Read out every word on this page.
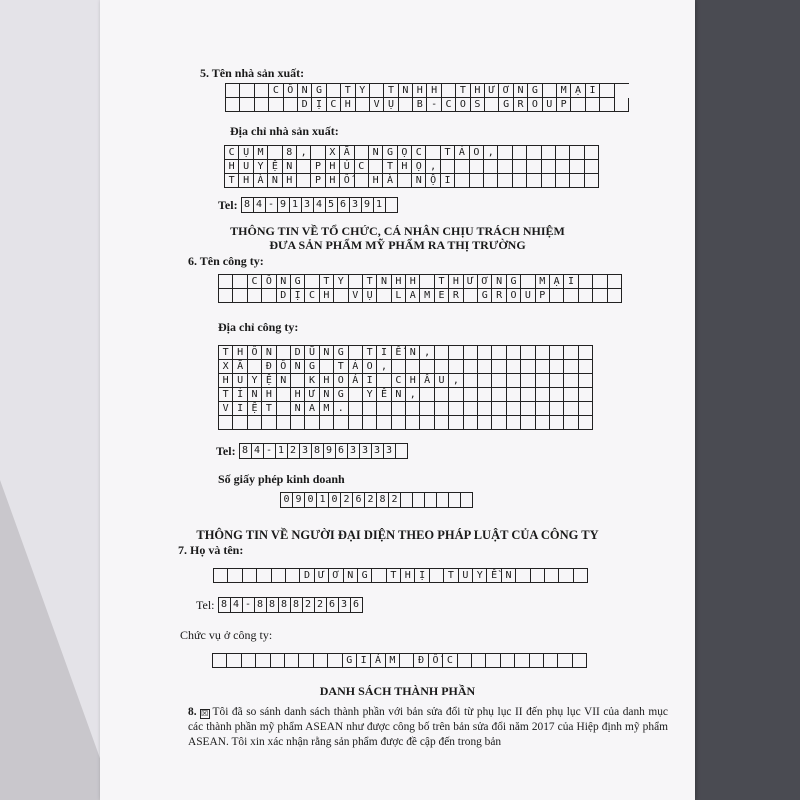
5. Tên nhà sản xuất:
C Ô N G	T Y	T N H H	T H Ư Ơ N G	M Ạ I
D Ị C H	V Ụ	B - C O S	G R O U P
Địa chỉ nhà sản xuất:
C Ụ M	8 ,	X Ã	N G Ọ C	T Ả O ,
H U Y Ệ N	P H Ú C	T H Ọ ,
T H À N H	P H Ố	H À	N Ộ I
Tel: 8 4 - 9 1 3 4 5 6 3 9 1
THÔNG TIN VỀ TỔ CHỨC, CÁ NHÂN CHỊU TRÁCH NHIỆM
ĐƯA SẢN PHẨM MỸ PHẨM RA THỊ TRƯỜNG
6. Tên công ty:
C Ô N G	T Y	T N H H	T H Ư Ơ N G	M Ạ I
D Ị C H	V Ụ	L A M E R	G R O U P
Địa chỉ công ty:
T H Ô N	D Ũ N G	T I Ế N ,
X Ã	Đ Ô N G	T Ả O ,
H U Y Ệ N	K H O Á I	C H Â U ,
T Ỉ N H	H Ư N G	Y Ê N ,
V I Ệ T	N A M .
Tel: 8 4 - 1 2 3 8 9 6 3 3 3 3
Số giấy phép kinh doanh
0 9 0 1 0 2 6 2 8 2
THÔNG TIN VỀ NGƯỜI ĐẠI DIỆN THEO PHÁP LUẬT CỦA CÔNG TY
7. Họ và tên:
D Ư Ơ N G	T H Ị	T U Y Ề N
Tel: 8 4 - 8 8 8 8 2 2 6 3 6
Chức vụ ở công ty:
G I Á M	Đ Ố C
DANH SÁCH THÀNH PHẦN
8. ☒ Tôi đã so sánh danh sách thành phần với bản sửa đổi từ phụ lục II đến phụ lục VII của danh mục các thành phần mỹ phẩm ASEAN như được công bố trên bản sửa đổi năm 2017 của Hiệp định mỹ phẩm ASEAN. Tôi xin xác nhận rằng sản phẩm được đề cập đến trong bản
